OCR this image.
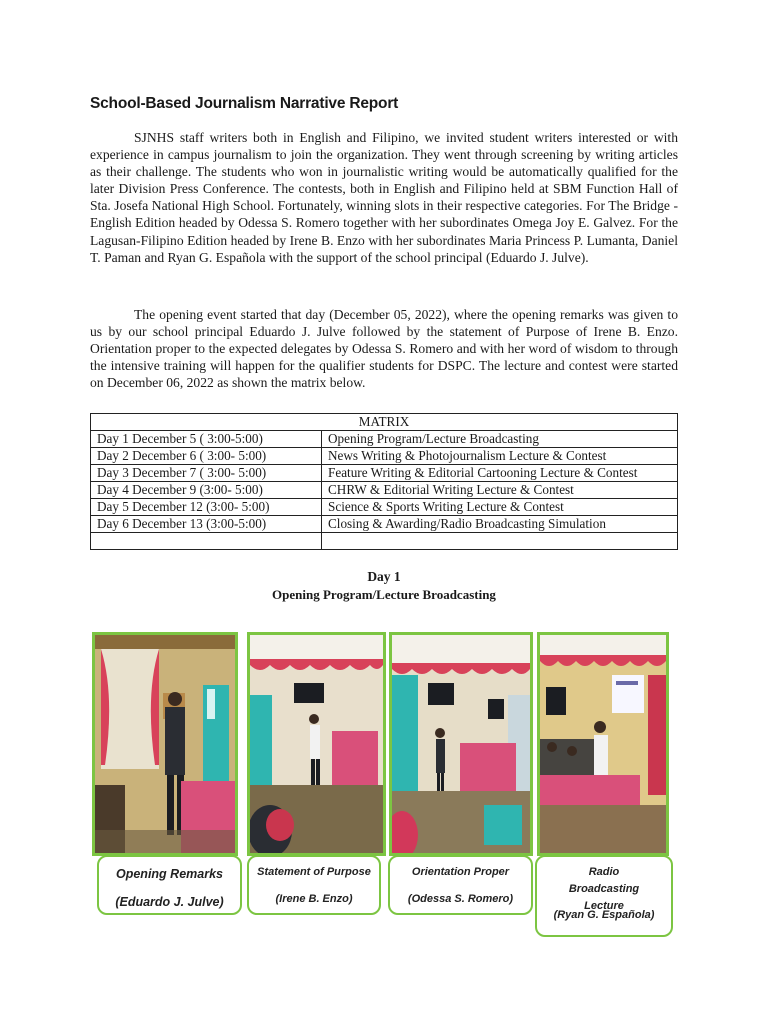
School-Based Journalism Narrative Report

SJNHS staff writers both in English and Filipino, we invited student writers interested or with experience in campus journalism to join the organization. They went through screening by writing articles as their challenge. The students who won in journalistic writing would be automatically qualified for the later Division Press Conference. The contests, both in English and Filipino held at SBM Function Hall of Sta. Josefa National High School. Fortunately, winning slots in their respective categories. For The Bridge - English Edition headed by Odessa S. Romero together with her subordinates Omega Joy E. Galvez. For the Lagusan-Filipino Edition headed by Irene B. Enzo with her subordinates Maria Princess P. Lumanta, Daniel T. Paman and Ryan G. Española with the support of the school principal (Eduardo J. Julve).

The opening event started that day (December 05, 2022), where the opening remarks was given to us by our school principal Eduardo J. Julve followed by the statement of Purpose of Irene B. Enzo. Orientation proper to the expected delegates by Odessa S. Romero and with her word of wisdom to through the intensive training will happen for the qualifier students for DSPC. The lecture and contest were started on December 06, 2022 as shown the matrix below.

MATRIX	
Day 1 December 5 ( 3:00-5:00)	Opening Program/Lecture Broadcasting
Day 2 December 6 ( 3:00- 5:00)	News Writing & Photojournalism Lecture & Contest
Day 3 December 7 ( 3:00- 5:00)	Feature Writing & Editorial Cartooning Lecture & Contest
Day 4 December 9 (3:00- 5:00)	CHRW & Editorial Writing Lecture & Contest
Day 5 December 12 (3:00- 5:00)	Science & Sports Writing Lecture & Contest
Day 6 December 13 (3:00-5:00)	Closing & Awarding/Radio Broadcasting Simulation

Day 1
Opening Program/Lecture Broadcasting
Opening Remarks
(Eduardo J. Julve)
Statement of Purpose
(Irene B. Enzo)
Orientation Proper
(Odessa S. Romero)
Radio Broadcasting Lecture
(Ryan G. Española)
